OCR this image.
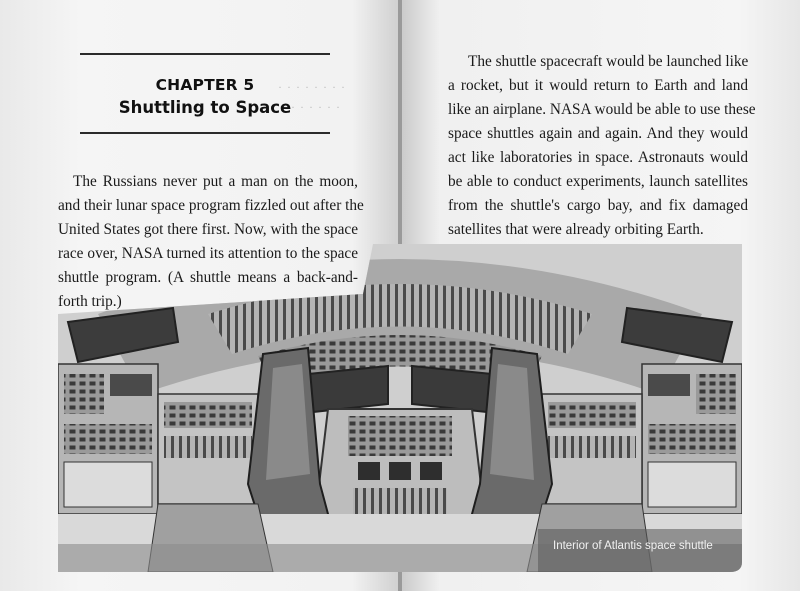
· · · · · · · ·
· · · · · · ·
CHAPTER 5
Shuttling to Space
The Russians never put a man on the moon,
and their lunar space program fizzled out after the
United States got there first. Now, with the space
race over, NASA turned its attention to the space
shuttle program. (A shuttle means a back-and-
forth trip.)
The shuttle spacecraft would be launched like
a rocket, but it would return to Earth and land
like an airplane. NASA would be able to use these
space shuttles again and again. And they would
act like laboratories in space. Astronauts would
be able to conduct experiments, launch satellites
from the shuttle's cargo bay, and fix damaged
satellites that were already orbiting Earth.
Interior of Atlantis space shuttle
